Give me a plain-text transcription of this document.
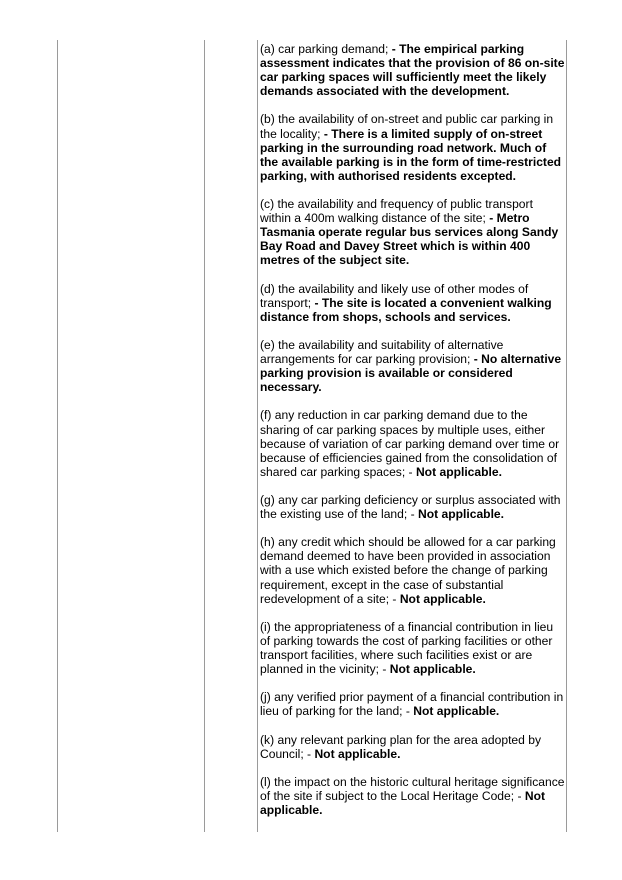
(a) car parking demand; - The empirical parking assessment indicates that the provision of 86 on-site car parking spaces will sufficiently meet the likely demands associated with the development.
(b) the availability of on-street and public car parking in the locality; - There is a limited supply of on-street parking in the surrounding road network. Much of the available parking is in the form of time-restricted parking, with authorised residents excepted.
(c) the availability and frequency of public transport within a 400m walking distance of the site; - Metro Tasmania operate regular bus services along Sandy Bay Road and Davey Street which is within 400 metres of the subject site.
(d) the availability and likely use of other modes of transport; - The site is located a convenient walking distance from shops, schools and services.
(e) the availability and suitability of alternative arrangements for car parking provision; - No alternative parking provision is available or considered necessary.
(f) any reduction in car parking demand due to the sharing of car parking spaces by multiple uses, either because of variation of car parking demand over time or because of efficiencies gained from the consolidation of shared car parking spaces; - Not applicable.
(g) any car parking deficiency or surplus associated with the existing use of the land; - Not applicable.
(h) any credit which should be allowed for a car parking demand deemed to have been provided in association with a use which existed before the change of parking requirement, except in the case of substantial redevelopment of a site; - Not applicable.
(i) the appropriateness of a financial contribution in lieu of parking towards the cost of parking facilities or other transport facilities, where such facilities exist or are planned in the vicinity; - Not applicable.
(j) any verified prior payment of a financial contribution in lieu of parking for the land; - Not applicable.
(k) any relevant parking plan for the area adopted by Council; - Not applicable.
(l) the impact on the historic cultural heritage significance of the site if subject to the Local Heritage Code; - Not applicable.
